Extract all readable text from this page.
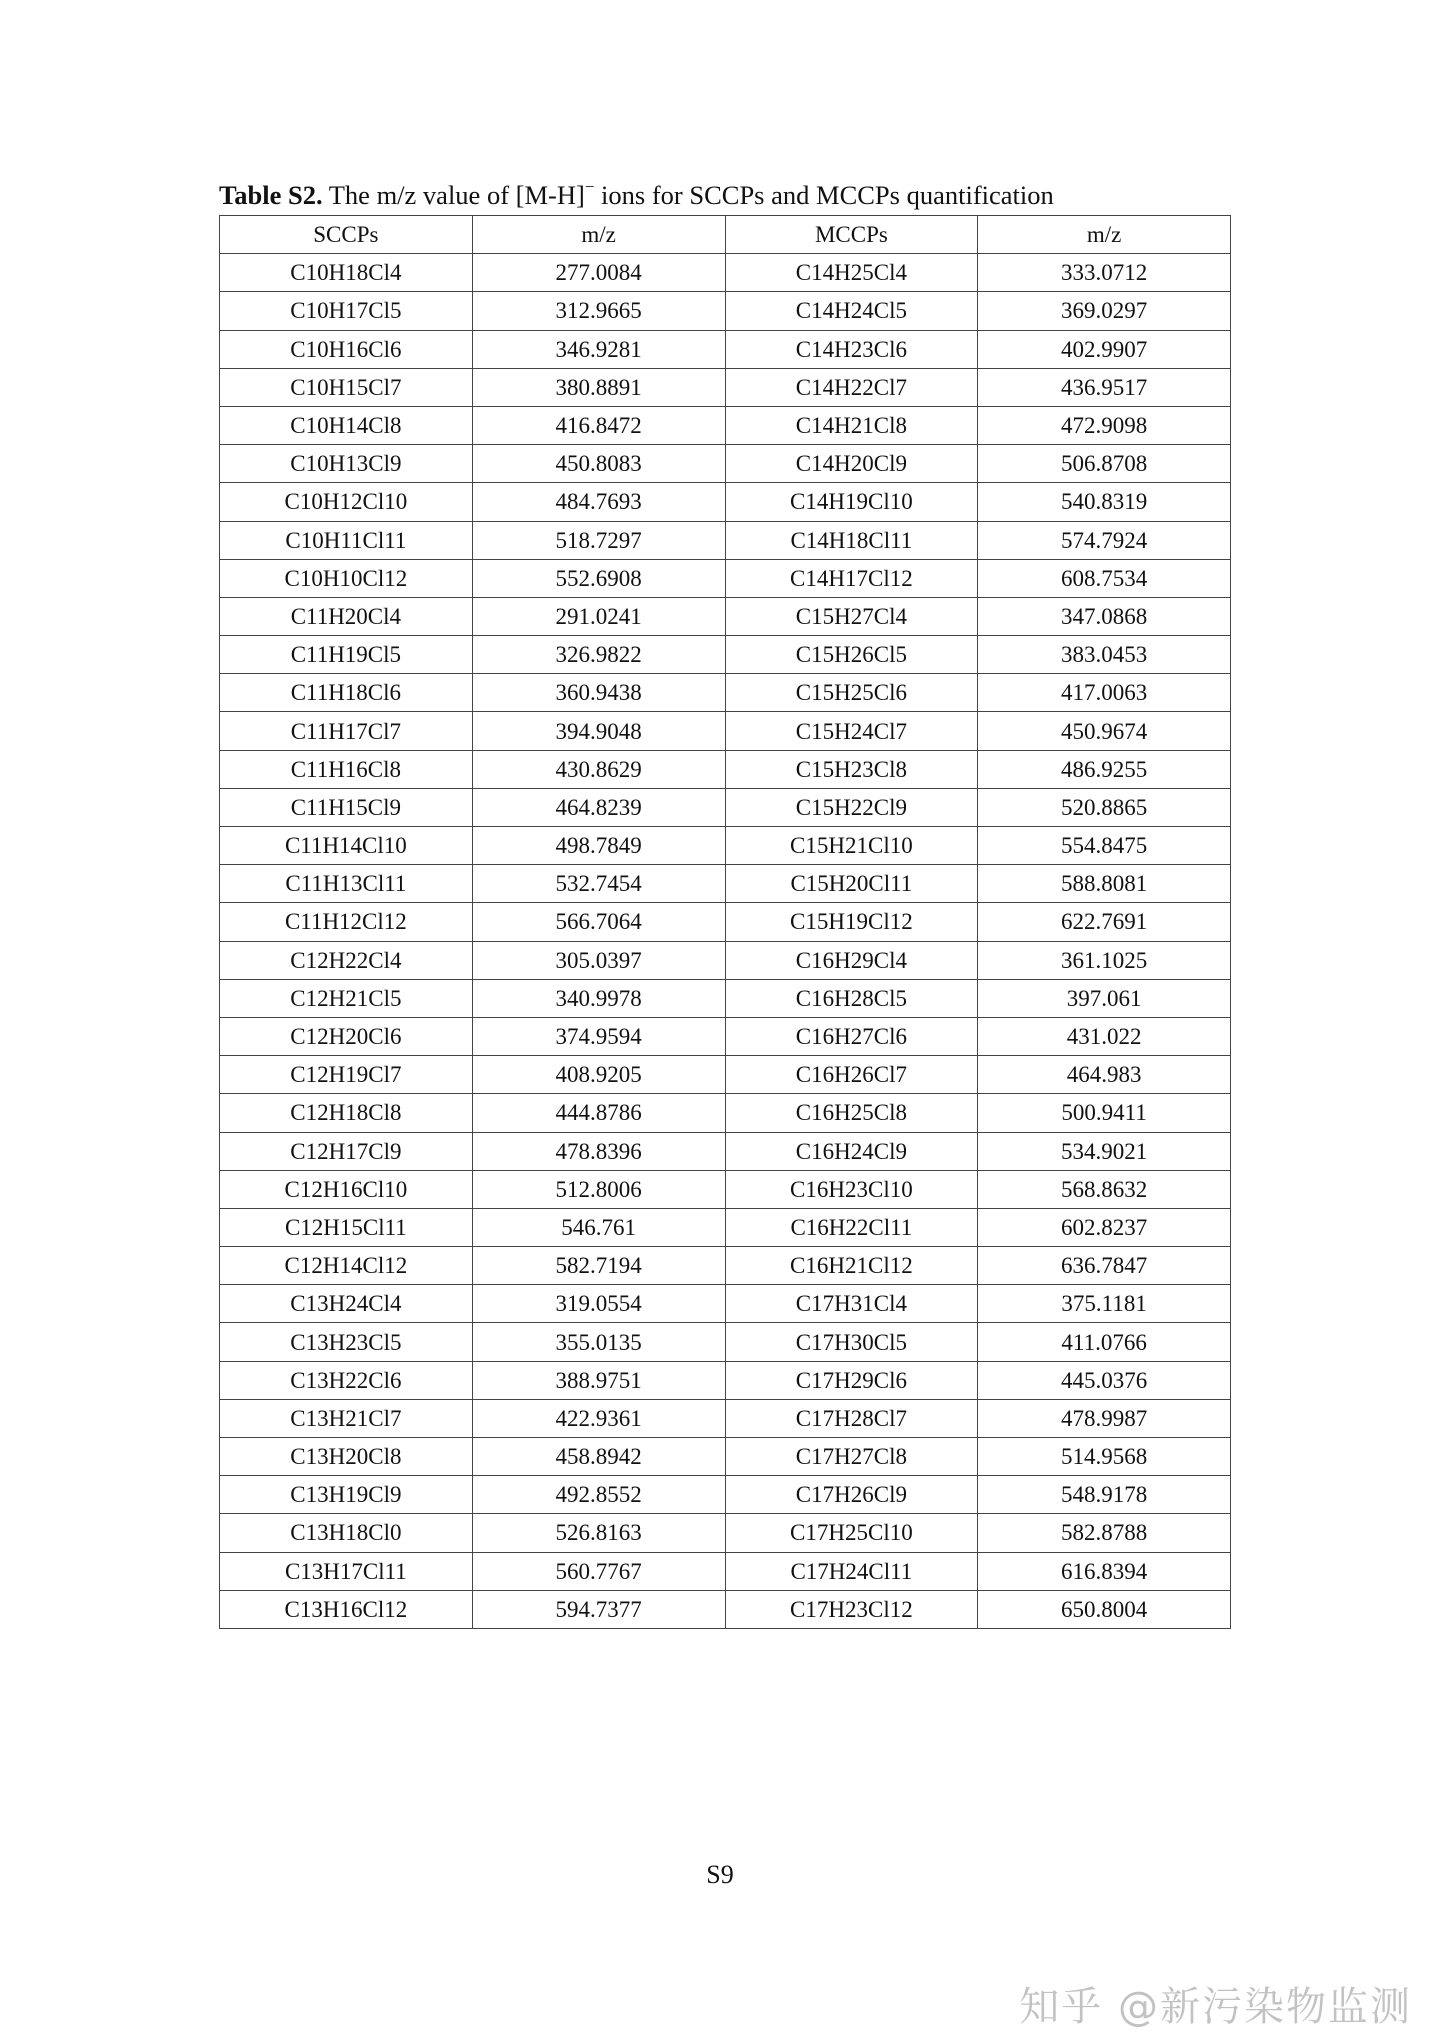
Table S2. The m/z value of [M-H]− ions for SCCPs and MCCPs quantification
SCCPs	m/z	MCCPs	m/z
C10H18Cl4	277.0084	C14H25Cl4	333.0712
C10H17Cl5	312.9665	C14H24Cl5	369.0297
C10H16Cl6	346.9281	C14H23Cl6	402.9907
C10H15Cl7	380.8891	C14H22Cl7	436.9517
C10H14Cl8	416.8472	C14H21Cl8	472.9098
C10H13Cl9	450.8083	C14H20Cl9	506.8708
C10H12Cl10	484.7693	C14H19Cl10	540.8319
C10H11Cl11	518.7297	C14H18Cl11	574.7924
C10H10Cl12	552.6908	C14H17Cl12	608.7534
C11H20Cl4	291.0241	C15H27Cl4	347.0868
C11H19Cl5	326.9822	C15H26Cl5	383.0453
C11H18Cl6	360.9438	C15H25Cl6	417.0063
C11H17Cl7	394.9048	C15H24Cl7	450.9674
C11H16Cl8	430.8629	C15H23Cl8	486.9255
C11H15Cl9	464.8239	C15H22Cl9	520.8865
C11H14Cl10	498.7849	C15H21Cl10	554.8475
C11H13Cl11	532.7454	C15H20Cl11	588.8081
C11H12Cl12	566.7064	C15H19Cl12	622.7691
C12H22Cl4	305.0397	C16H29Cl4	361.1025
C12H21Cl5	340.9978	C16H28Cl5	397.061
C12H20Cl6	374.9594	C16H27Cl6	431.022
C12H19Cl7	408.9205	C16H26Cl7	464.983
C12H18Cl8	444.8786	C16H25Cl8	500.9411
C12H17Cl9	478.8396	C16H24Cl9	534.9021
C12H16Cl10	512.8006	C16H23Cl10	568.8632
C12H15Cl11	546.761	C16H22Cl11	602.8237
C12H14Cl12	582.7194	C16H21Cl12	636.7847
C13H24Cl4	319.0554	C17H31Cl4	375.1181
C13H23Cl5	355.0135	C17H30Cl5	411.0766
C13H22Cl6	388.9751	C17H29Cl6	445.0376
C13H21Cl7	422.9361	C17H28Cl7	478.9987
C13H20Cl8	458.8942	C17H27Cl8	514.9568
C13H19Cl9	492.8552	C17H26Cl9	548.9178
C13H18Cl0	526.8163	C17H25Cl10	582.8788
C13H17Cl11	560.7767	C17H24Cl11	616.8394
C13H16Cl12	594.7377	C17H23Cl12	650.8004
S9
知乎 @新污染物监测
